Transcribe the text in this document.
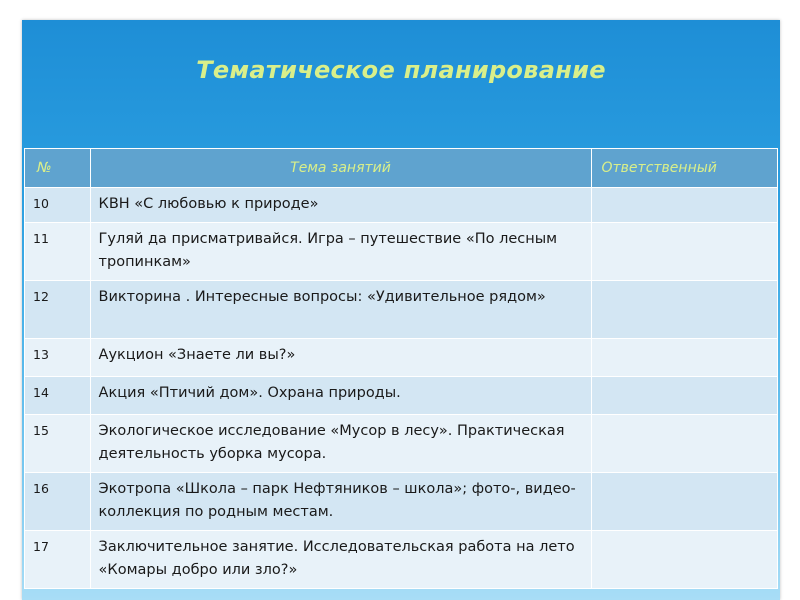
Тематическое планирование
№	Тема занятий	Ответственный
10	КВН «С любовью к природе»	
11	Гуляй да присматривайся. Игра – путешествие «По лесным тропинкам»	
12	Викторина . Интересные вопросы: «Удивительное рядом»	
13	Аукцион «Знаете ли вы?»	
14	Акция «Птичий дом». Охрана природы.	
15	Экологическое исследование «Мусор в лесу». Практическая деятельность уборка мусора.	
16	Экотропа «Школа – парк Нефтяников – школа»; фото-, видео- коллекция по родным местам.	
17	Заключительное занятие. Исследовательская работа на лето «Комары добро или зло?»	
